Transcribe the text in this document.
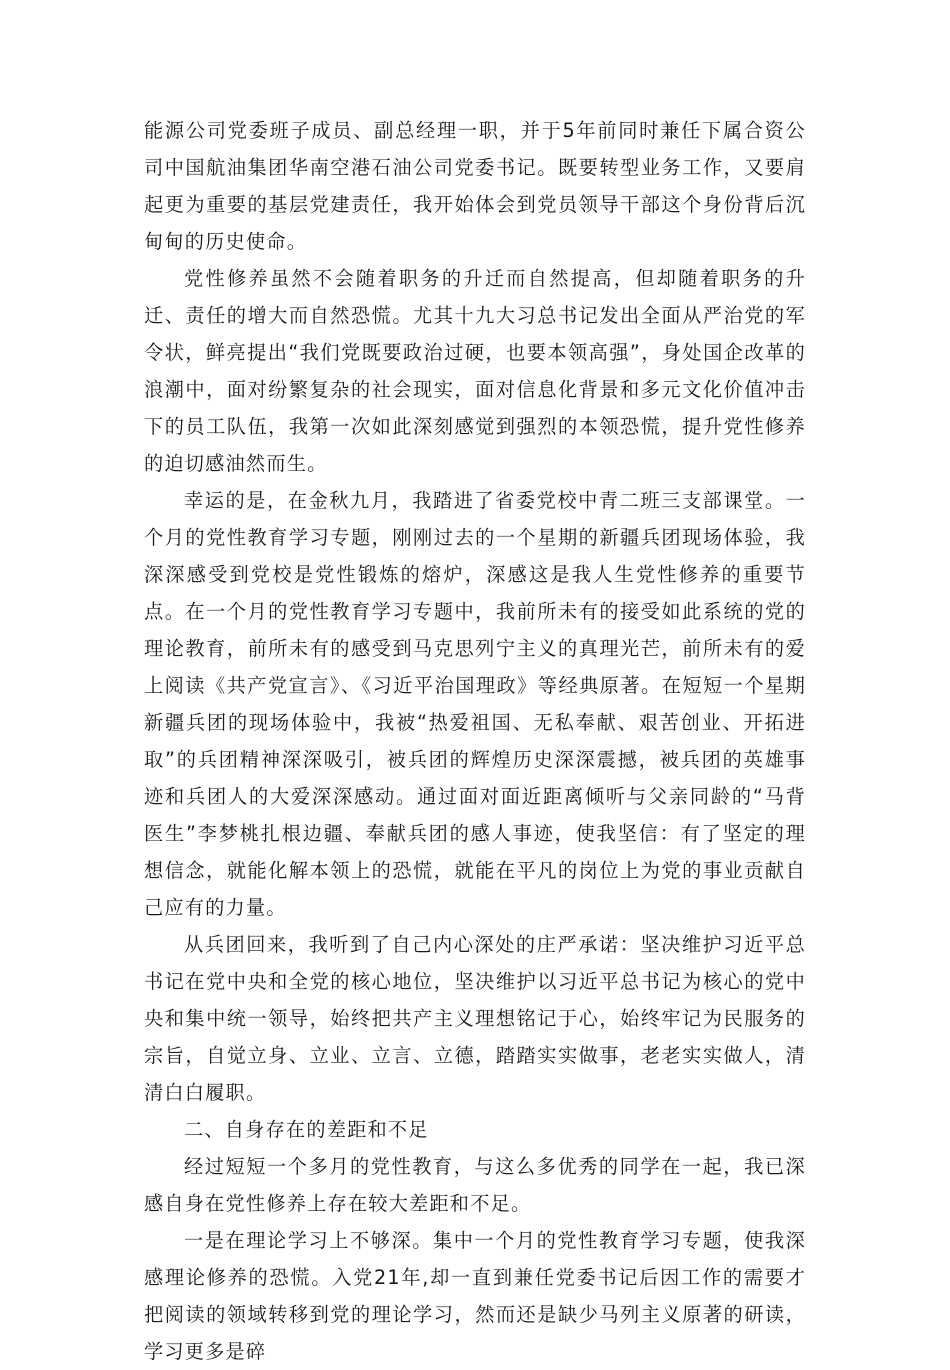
能源公司党委班子成员、副总经理一职，并于5年前同时兼任下属合资公司中国航油集团华南空港石油公司党委书记。既要转型业务工作，又要肩起更为重要的基层党建责任，我开始体会到党员领导干部这个身份背后沉甸甸的历史使命。

党性修养虽然不会随着职务的升迁而自然提高，但却随着职务的升迁、责任的增大而自然恐慌。尤其十九大习总书记发出全面从严治党的军令状，鲜亮提出“我们党既要政治过硬，也要本领高强”，身处国企改革的浪潮中，面对纷繁复杂的社会现实，面对信息化背景和多元文化价值冲击下的员工队伍，我第一次如此深刻感觉到强烈的本领恐慌，提升党性修养的迫切感油然而生。

幸运的是，在金秋九月，我踏进了省委党校中青二班三支部课堂。一个月的党性教育学习专题，刚刚过去的一个星期的新疆兵团现场体验，我深深感受到党校是党性锻炼的熔炉，深感这是我人生党性修养的重要节点。在一个月的党性教育学习专题中，我前所未有的接受如此系统的党的理论教育，前所未有的感受到马克思列宁主义的真理光芒，前所未有的爱上阅读《共产党宣言》、《习近平治国理政》等经典原著。在短短一个星期新疆兵团的现场体验中，我被“热爱祖国、无私奉献、艰苦创业、开拓进取”的兵团精神深深吸引，被兵团的辉煌历史深深震撼，被兵团的英雄事迹和兵团人的大爱深深感动。通过面对面近距离倾听与父亲同龄的“马背医生”李梦桃扎根边疆、奉献兵团的感人事迹，使我坚信：有了坚定的理想信念，就能化解本领上的恐慌，就能在平凡的岗位上为党的事业贡献自己应有的力量。

从兵团回来，我听到了自己内心深处的庄严承诺：坚决维护习近平总书记在党中央和全党的核心地位，坚决维护以习近平总书记为核心的党中央和集中统一领导，始终把共产主义理想铭记于心，始终牢记为民服务的宗旨，自觉立身、立业、立言、立德，踏踏实实做事，老老实实做人，清清白白履职。

二、自身存在的差距和不足

经过短短一个多月的党性教育，与这么多优秀的同学在一起，我已深感自身在党性修养上存在较大差距和不足。

一是在理论学习上不够深。集中一个月的党性教育学习专题，使我深感理论修养的恐慌。入党21年,却一直到兼任党委书记后因工作的需要才把阅读的领域转移到党的理论学习，然而还是缺少马列主义原著的研读，学习更多是碎
